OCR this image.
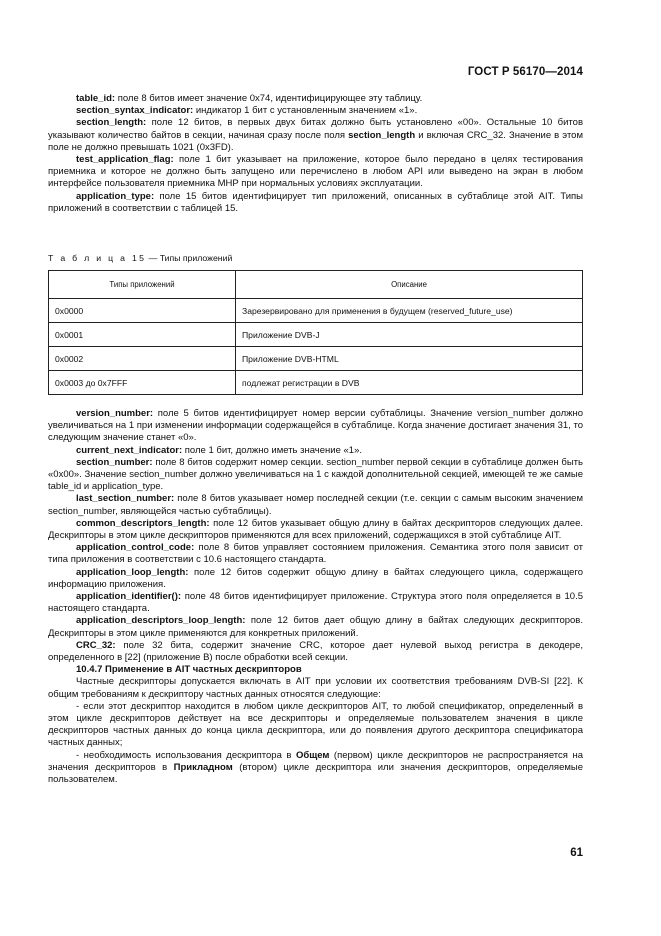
ГОСТ Р 56170—2014

table_id: поле 8 битов имеет значение 0x74, идентифицирующее эту таблицу.

section_syntax_indicator: индикатор 1 бит с установленным значением «1».

section_length: поле 12 битов, в первых двух битах должно быть установлено «00». Остальные 10 битов указывают количество байтов в секции, начиная сразу после поля section_length и включая CRC_32. Значение в этом поле не должно превышать 1021 (0x3FD).

test_application_flag: поле 1 бит указывает на приложение, которое было передано в целях тестирования приемника и которое не должно быть запущено или перечислено в любом API или выведено на экран в любом интерфейсе пользователя приемника MHP при нормальных условиях эксплуатации.

application_type: поле 15 битов идентифицирует тип приложений, описанных в субтаблице этой AIT. Типы приложений в соответствии с таблицей 15.

Т а б л и ц а 15 — Типы приложений
Типы приложений	Описание
0x0000	Зарезервировано для применения в будущем (reserved_future_use)
0x0001	Приложение DVB-J
0x0002	Приложение DVB-HTML
0x0003 до 0x7FFF	подлежат регистрации в DVB

version_number: поле 5 битов идентифицирует номер версии субтаблицы. Значение version_number должно увеличиваться на 1 при изменении информации содержащейся в субтаблице. Когда значение достигает значения 31, то следующим значение станет «0».

current_next_indicator: поле 1 бит, должно иметь значение «1».

section_number: поле 8 битов содержит номер секции. section_number первой секции в субтаблице должен быть «0x00». Значение section_number должно увеличиваться на 1 с каждой дополнительной секцией, имеющей те же самые table_id и application_type.

last_section_number: поле 8 битов указывает номер последней секции (т.е. секции с самым высоким значением section_number, являющейся частью субтаблицы).

common_descriptors_length: поле 12 битов указывает общую длину в байтах дескрипторов следующих далее. Дескрипторы в этом цикле дескрипторов применяются для всех приложений, содержащихся в этой субтаблице AIT.

application_control_code: поле 8 битов управляет состоянием приложения. Семантика этого поля зависит от типа приложения в соответствии с 10.6 настоящего стандарта.

application_loop_length: поле 12 битов содержит общую длину в байтах следующего цикла, содержащего информацию приложения.

application_identifier(): поле 48 битов идентифицирует приложение. Структура этого поля определяется в 10.5 настоящего стандарта.

application_descriptors_loop_length: поле 12 битов дает общую длину в байтах следующих дескрипторов. Дескрипторы в этом цикле применяются для конкретных приложений.

CRC_32: поле 32 бита, содержит значение CRC, которое дает нулевой выход регистра в декодере, определенного в [22] (приложение В) после обработки всей секции.

10.4.7 Применение в AIT частных дескрипторов

Частные дескрипторы допускается включать в AIT при условии их соответствия требованиям DVB-SI [22]. К общим требованиям к дескриптору частных данных относятся следующие:

- если этот дескриптор находится в любом цикле дескрипторов AIT, то любой спецификатор, определенный в этом цикле дескрипторов действует на все дескрипторы и определяемые пользователем значения в цикле дескрипторов частных данных до конца цикла дескриптора, или до появления другого дескриптора спецификатора частных данных;

- необходимость использования дескриптора в Общем (первом) цикле дескрипторов не распространяется на значения дескрипторов в Прикладном (втором) цикле дескриптора или значения дескрипторов, определяемые пользователем.

61
